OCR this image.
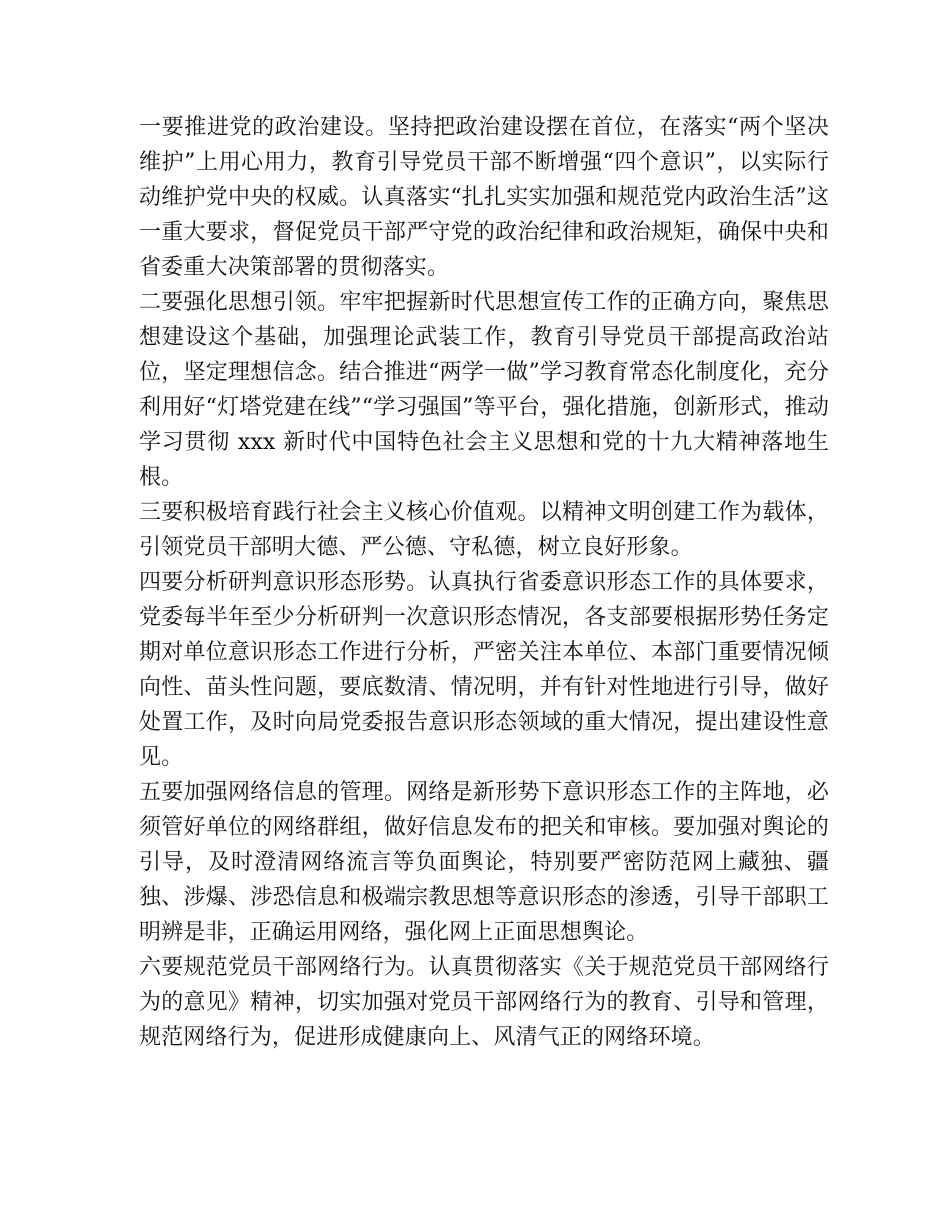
一要推进党的政治建设。坚持把政治建设摆在首位，在落实“两个坚决维护”上用心用力，教育引导党员干部不断增强“四个意识”，以实际行动维护党中央的权威。认真落实“扎扎实实加强和规范党内政治生活”这一重大要求，督促党员干部严守党的政治纪律和政治规矩，确保中央和省委重大决策部署的贯彻落实。

二要强化思想引领。牢牢把握新时代思想宣传工作的正确方向，聚焦思想建设这个基础，加强理论武装工作，教育引导党员干部提高政治站位，坚定理想信念。结合推进“两学一做”学习教育常态化制度化，充分利用好“灯塔党建在线”“学习强国”等平台，强化措施，创新形式，推动学习贯彻 xxx 新时代中国特色社会主义思想和党的十九大精神落地生根。

三要积极培育践行社会主义核心价值观。以精神文明创建工作为载体，引领党员干部明大德、严公德、守私德，树立良好形象。

四要分析研判意识形态形势。认真执行省委意识形态工作的具体要求，党委每半年至少分析研判一次意识形态情况，各支部要根据形势任务定期对单位意识形态工作进行分析，严密关注本单位、本部门重要情况倾向性、苗头性问题，要底数清、情况明，并有针对性地进行引导，做好处置工作，及时向局党委报告意识形态领域的重大情况，提出建设性意见。

五要加强网络信息的管理。网络是新形势下意识形态工作的主阵地，必须管好单位的网络群组，做好信息发布的把关和审核。要加强对舆论的引导，及时澄清网络流言等负面舆论，特别要严密防范网上藏独、疆独、涉爆、涉恐信息和极端宗教思想等意识形态的渗透，引导干部职工明辨是非，正确运用网络，强化网上正面思想舆论。

六要规范党员干部网络行为。认真贯彻落实《关于规范党员干部网络行为的意见》精神，切实加强对党员干部网络行为的教育、引导和管理，规范网络行为，促进形成健康向上、风清气正的网络环境。
